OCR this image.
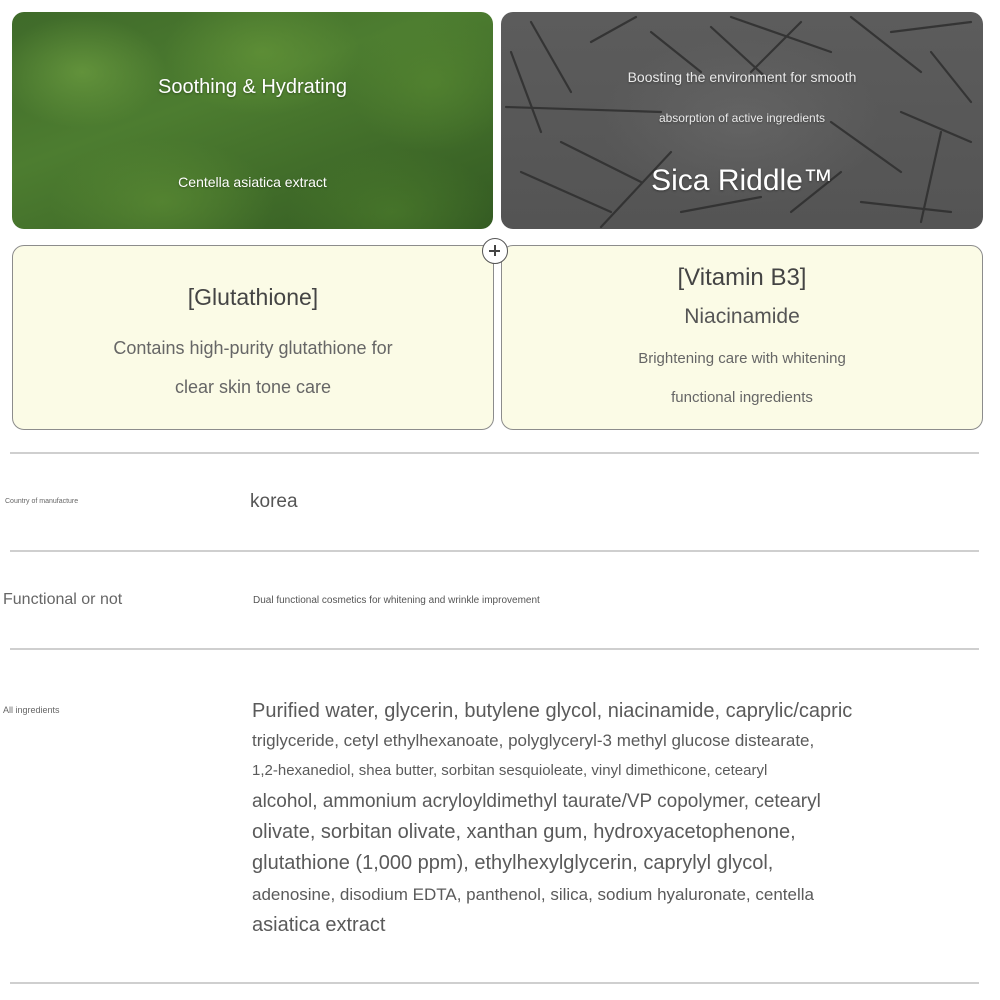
Soothing & Hydrating
Centella asiatica extract
Boosting the environment for smooth
absorption of active ingredients
Sica Riddle™
[Glutathione]
Contains high-purity glutathione for
clear skin tone care
[Vitamin B3]
Niacinamide
Brightening care with whitening
functional ingredients
Country of manufacture	korea
Functional or not	Dual functional cosmetics for whitening and wrinkle improvement
All ingredients	Purified water, glycerin, butylene glycol, niacinamide, caprylic/capric
triglyceride, cetyl ethylhexanoate, polyglyceryl-3 methyl glucose distearate,
1,2-hexanediol, shea butter, sorbitan sesquioleate, vinyl dimethicone, cetearyl
alcohol, ammonium acryloyldimethyl taurate/VP copolymer, cetearyl
olivate, sorbitan olivate, xanthan gum, hydroxyacetophenone,
glutathione (1,000 ppm), ethylhexylglycerin, caprylyl glycol,
adenosine, disodium EDTA, panthenol, silica, sodium hyaluronate, centella
asiatica extract
